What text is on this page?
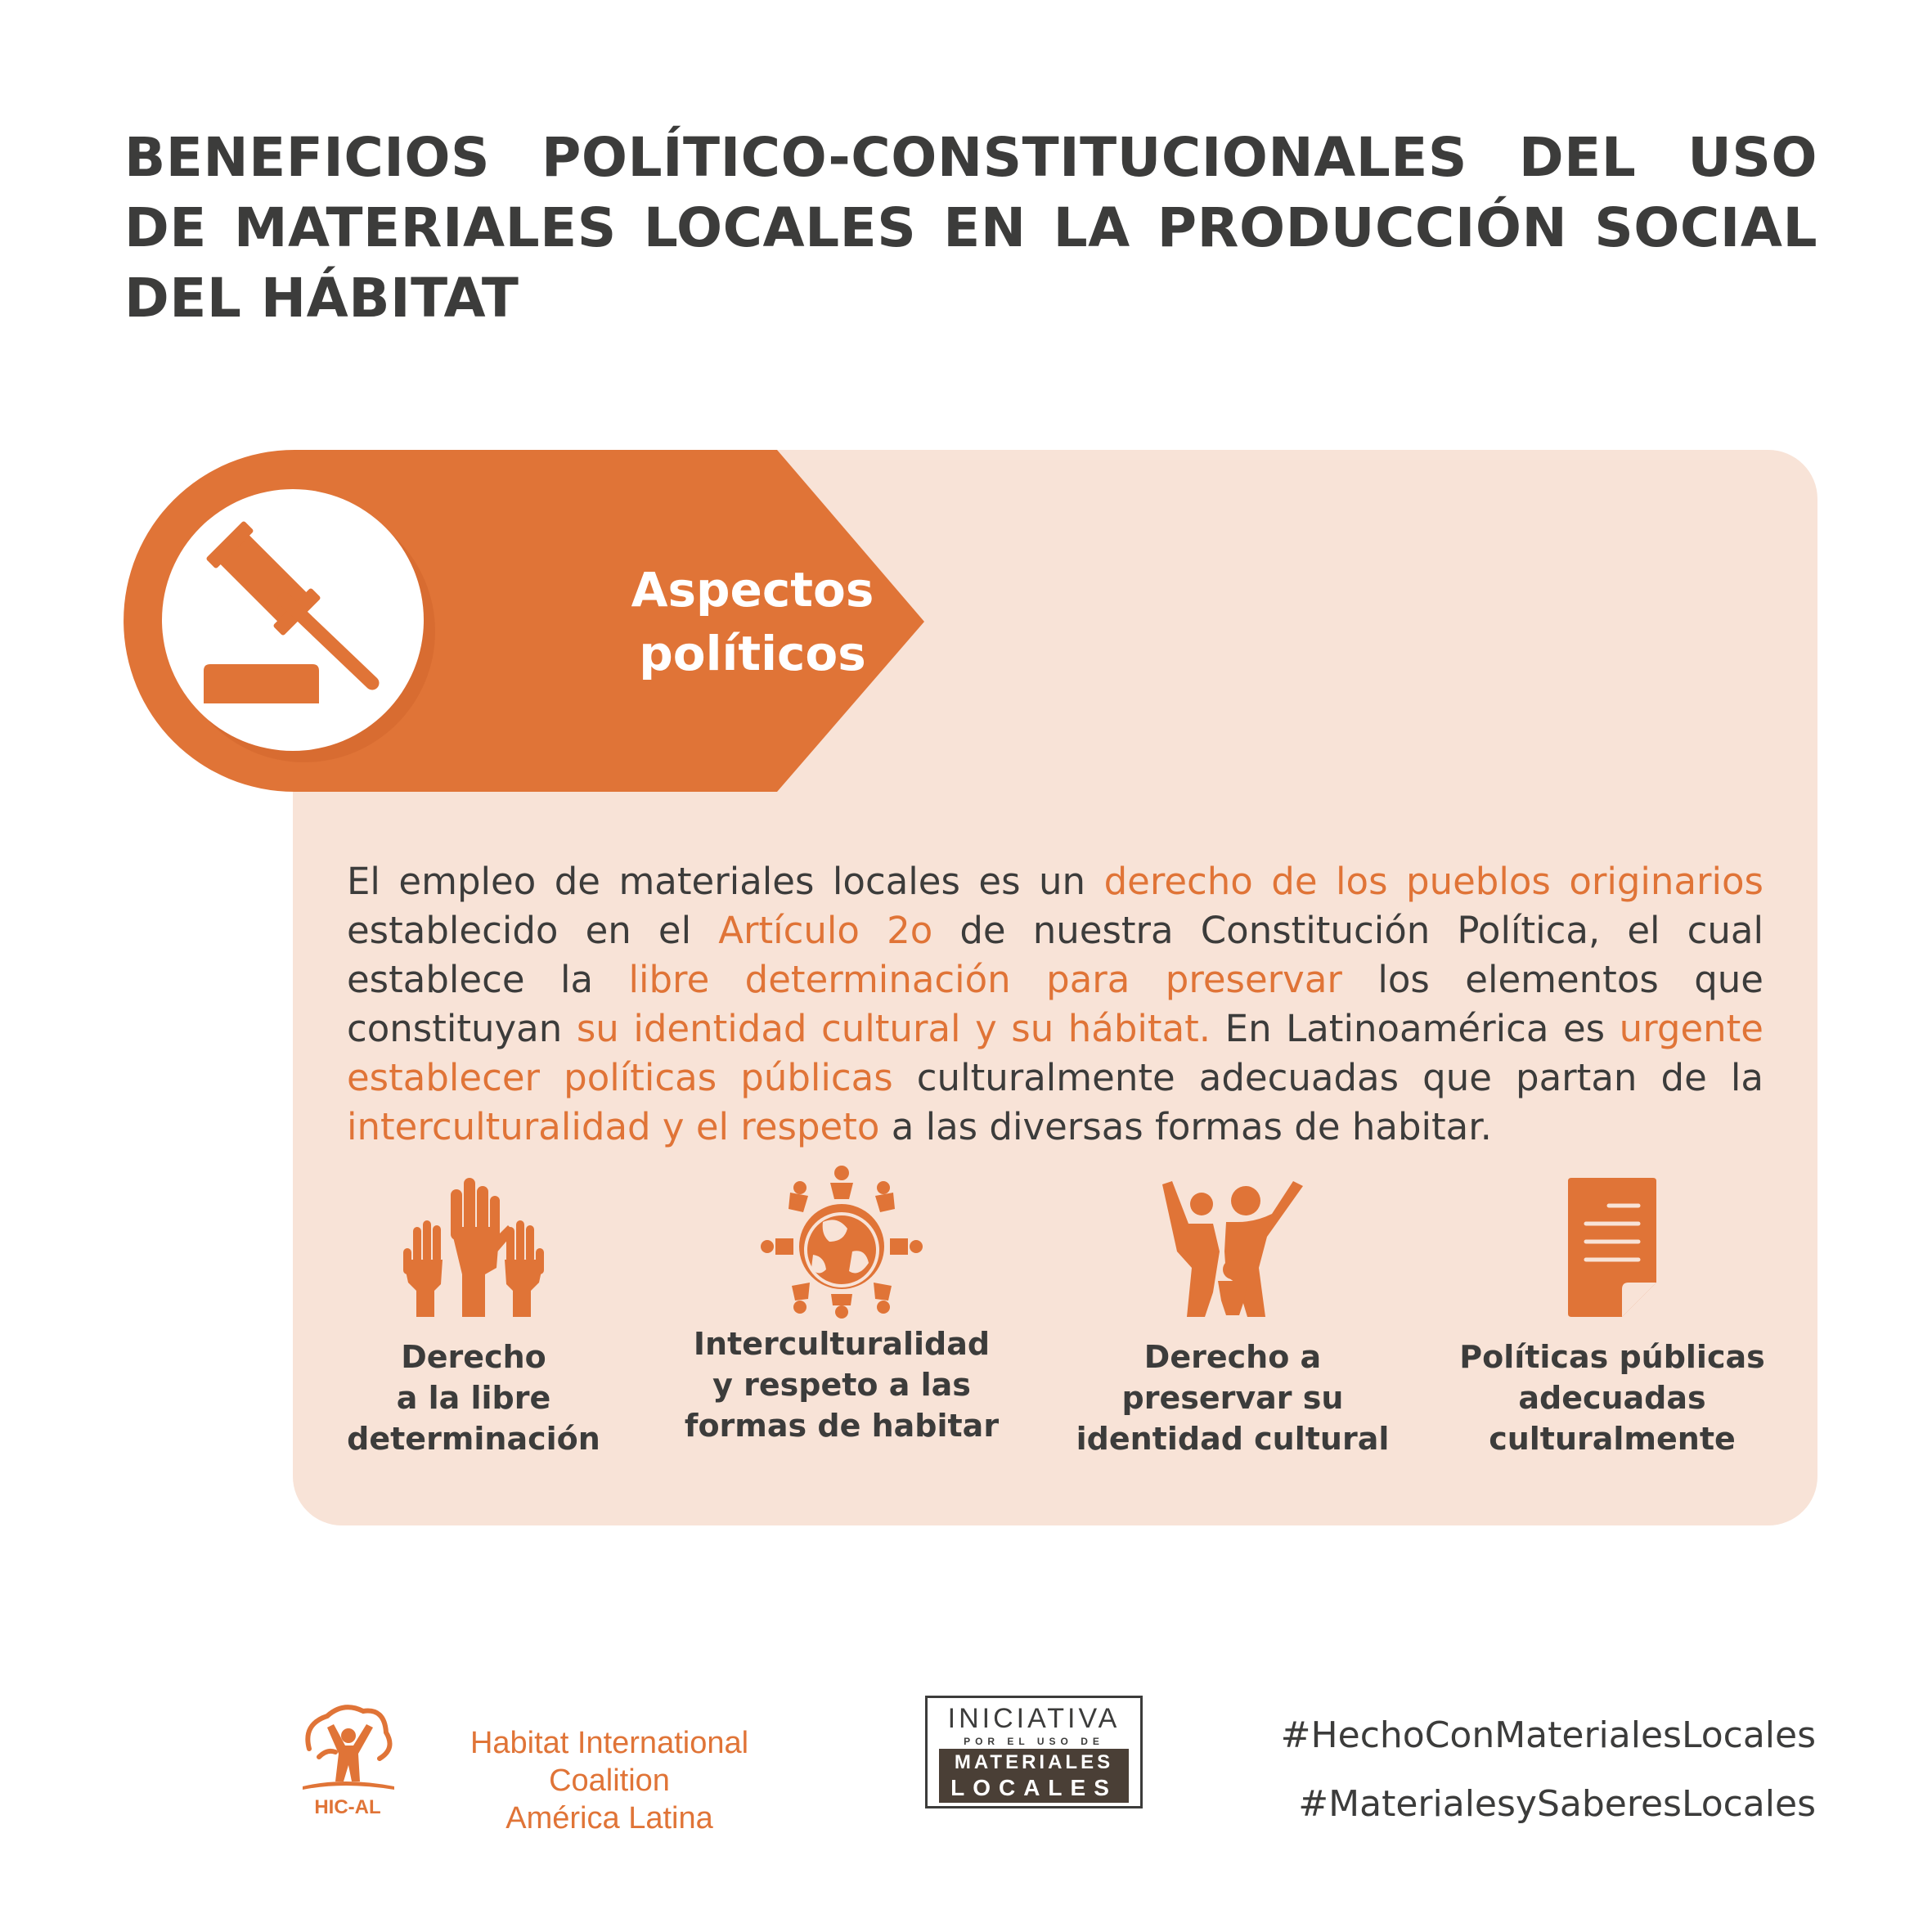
BENEFICIOS POLÍTICO-CONSTITUCIONALES DEL USO DE MATERIALES LOCALES EN LA PRODUCCIÓN SOCIAL DEL HÁBITAT
Aspectos
políticos

El empleo de materiales locales es un derecho de los pueblos originarios establecido en el Artículo 2o de nuestra Constitución Política, el cual establece la libre determinación para preservar los elementos que constituyan su identidad cultural y su hábitat. En Latinoamérica es urgente establecer políticas públicas culturalmente adecuadas que partan de la interculturalidad y el respeto a las diversas formas de habitar.

Derecho
a la libre
determinación

Interculturalidad
y respeto a las
formas de habitar

Derecho a
preservar su
identidad cultural

Políticas públicas
adecuadas
culturalmente

Habitat International Coalition
América Latina

HIC-AL

INICIATIVA

POR EL USO DE

MATERIALES

LOCALES

#HechoConMaterialesLocales
#MaterialesySaberesLocales
